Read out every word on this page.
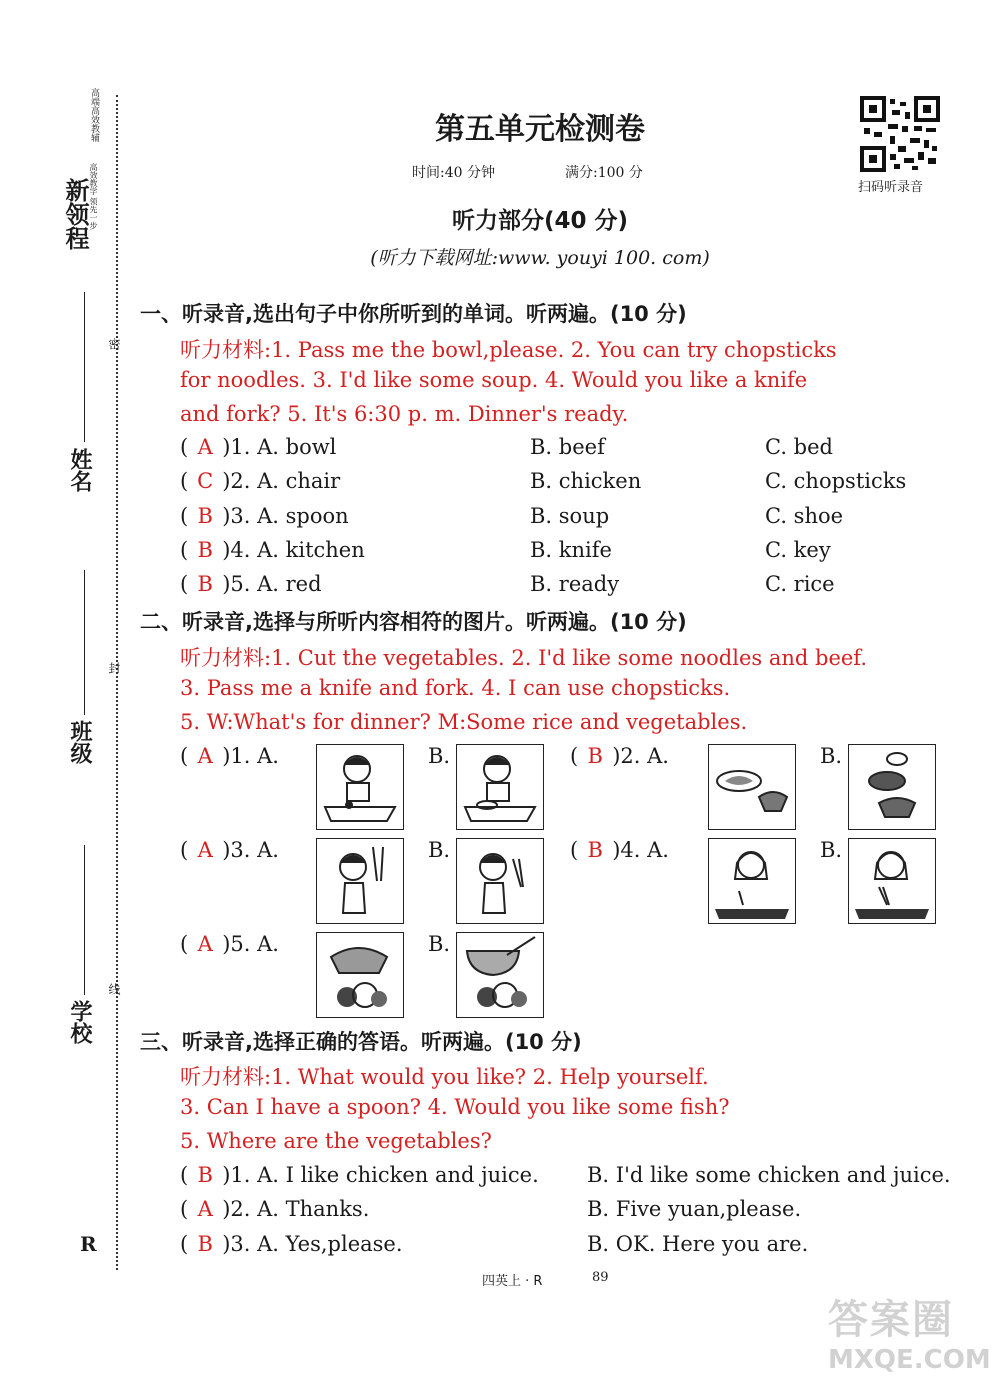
新领程
高端高效教辅
高效教学 领先一步
密
封
线
姓名
班级
学校
R
第五单元检测卷
时间:40 分钟	满分:100 分
扫码听录音
听力部分(40 分)
(听力下载网址:www. youyi 100. com)
一、听录音,选出句子中你所听到的单词。听两遍。(10 分)
听力材料:1. Pass me the bowl,please. 2. You can try chopsticks
for noodles. 3. I'd like some soup. 4. Would you like a knife
and fork? 5. It's 6:30 p. m. Dinner's ready.
( A )1. A. bowl	B. beef	C. bed
( C )2. A. chair	B. chicken	C. chopsticks
( B )3. A. spoon	B. soup	C. shoe
( B )4. A. kitchen	B. knife	C. key
( B )5. A. red	B. ready	C. rice
二、听录音,选择与所听内容相符的图片。听两遍。(10 分)
听力材料:1. Cut the vegetables. 2. I'd like some noodles and beef.
3. Pass me a knife and fork. 4. I can use chopsticks.
5. W:What's for dinner? M:Some rice and vegetables.
( A )1. A.	B.	( B )2. A.	B.
( A )3. A.	B.	( B )4. A.	B.
( A )5. A.	B.
三、听录音,选择正确的答语。听两遍。(10 分)
听力材料:1. What would you like? 2. Help yourself.
3. Can I have a spoon? 4. Would you like some fish?
5. Where are the vegetables?
( B )1. A. I like chicken and juice. B. I'd like some chicken and juice.
( A )2. A. Thanks.	B. Five yuan,please.
( B )3. A. Yes,please.	B. OK. Here you are.
四英上 · R	89
答案圈
MXQE.COM
